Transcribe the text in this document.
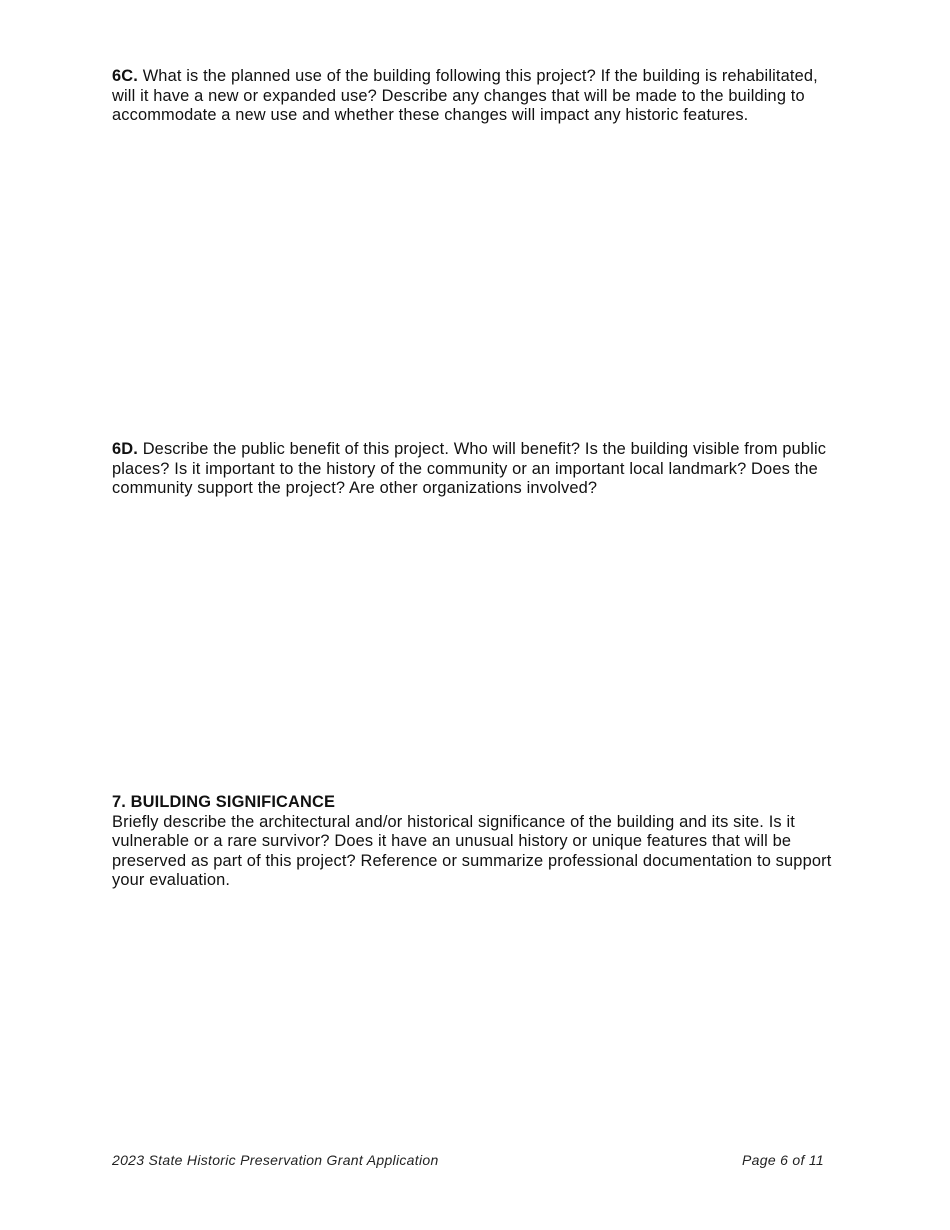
6C. What is the planned use of the building following this project? If the building is rehabilitated, will it have a new or expanded use? Describe any changes that will be made to the building to accommodate a new use and whether these changes will impact any historic features.
6D. Describe the public benefit of this project. Who will benefit? Is the building visible from public places? Is it important to the history of the community or an important local landmark? Does the community support the project? Are other organizations involved?
7. BUILDING SIGNIFICANCE
Briefly describe the architectural and/or historical significance of the building and its site. Is it vulnerable or a rare survivor? Does it have an unusual history or unique features that will be preserved as part of this project? Reference or summarize professional documentation to support your evaluation.
2023 State Historic Preservation Grant Application	Page 6 of 11
